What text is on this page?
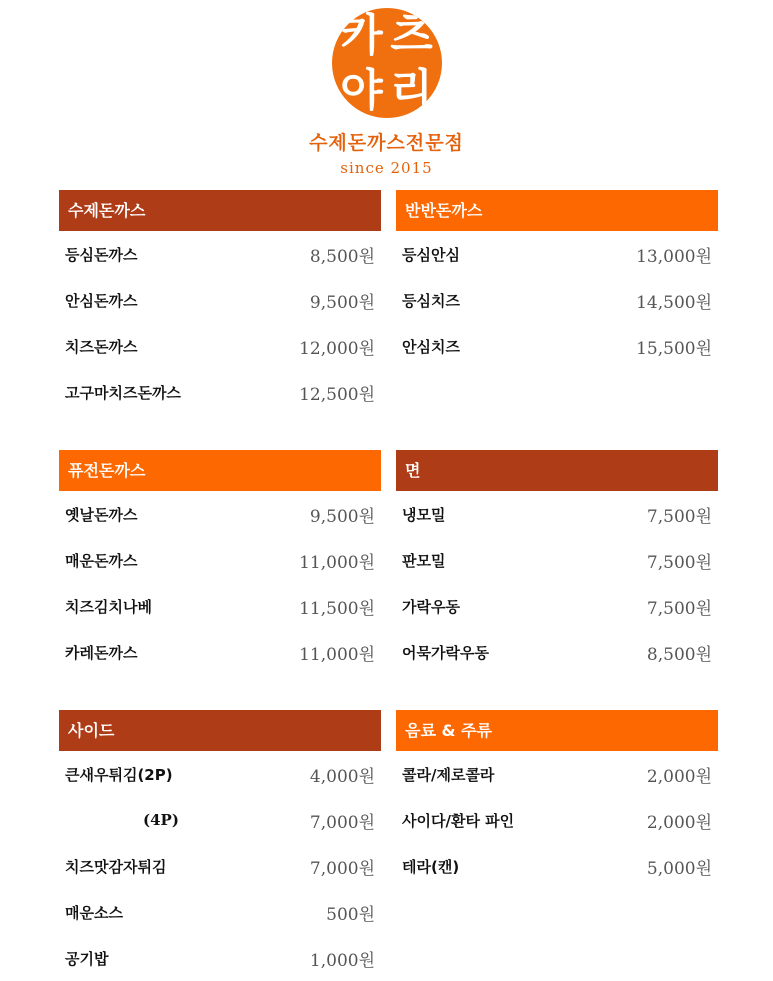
카 츠
야 리
수제돈까스전문점
since 2015
수제돈까스
등심돈까스	8,500원
안심돈까스	9,500원
치즈돈까스	12,000원
고구마치즈돈까스	12,500원
반반돈까스
등심안심	13,000원
등심치즈	14,500원
안심치즈	15,500원
퓨전돈까스
옛날돈까스	9,500원
매운돈까스	11,000원
치즈김치나베	11,500원
카레돈까스	11,000원
면
냉모밀	7,500원
판모밀	7,500원
가락우동	7,500원
어묵가락우동	8,500원
사이드
큰새우튀김(2P)	4,000원
(4P)	7,000원
치즈맛감자튀김	7,000원
매운소스	500원
공기밥	1,000원
음료 & 주류
콜라/제로콜라	2,000원
사이다/환타 파인	2,000원
테라(캔)	5,000원
